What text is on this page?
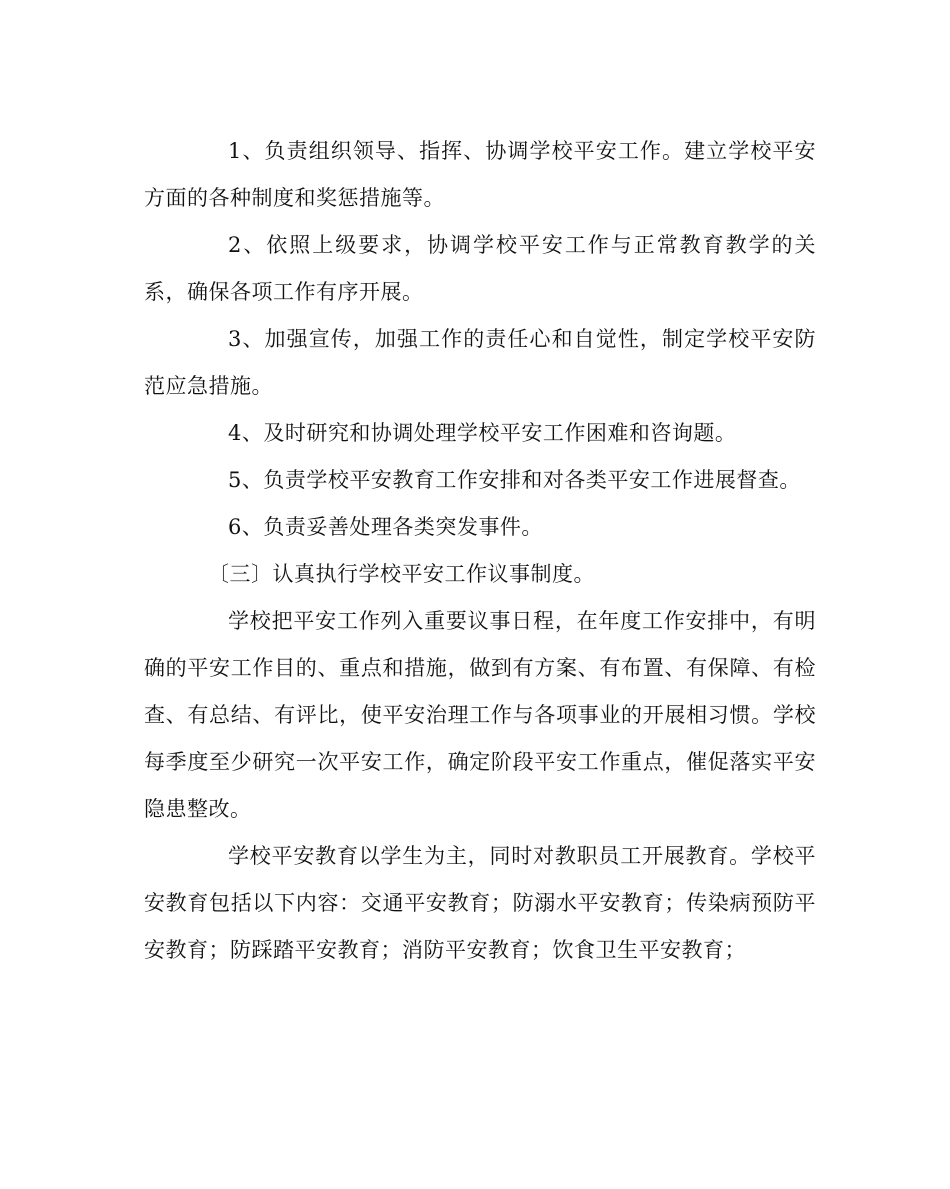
1、负责组织领导、指挥、协调学校平安工作。建立学校平安方面的各种制度和奖惩措施等。

2、依照上级要求，协调学校平安工作与正常教育教学的关系，确保各项工作有序开展。

3、加强宣传，加强工作的责任心和自觉性，制定学校平安防范应急措施。

4、及时研究和协调处理学校平安工作困难和咨询题。

5、负责学校平安教育工作安排和对各类平安工作进展督查。

6、负责妥善处理各类突发事件。

〔三〕认真执行学校平安工作议事制度。

学校把平安工作列入重要议事日程，在年度工作安排中，有明确的平安工作目的、重点和措施，做到有方案、有布置、有保障、有检查、有总结、有评比，使平安治理工作与各项事业的开展相习惯。学校每季度至少研究一次平安工作，确定阶段平安工作重点，催促落实平安隐患整改。

学校平安教育以学生为主，同时对教职员工开展教育。学校平安教育包括以下内容：交通平安教育；防溺水平安教育；传染病预防平安教育；防踩踏平安教育；消防平安教育；饮食卫生平安教育；
